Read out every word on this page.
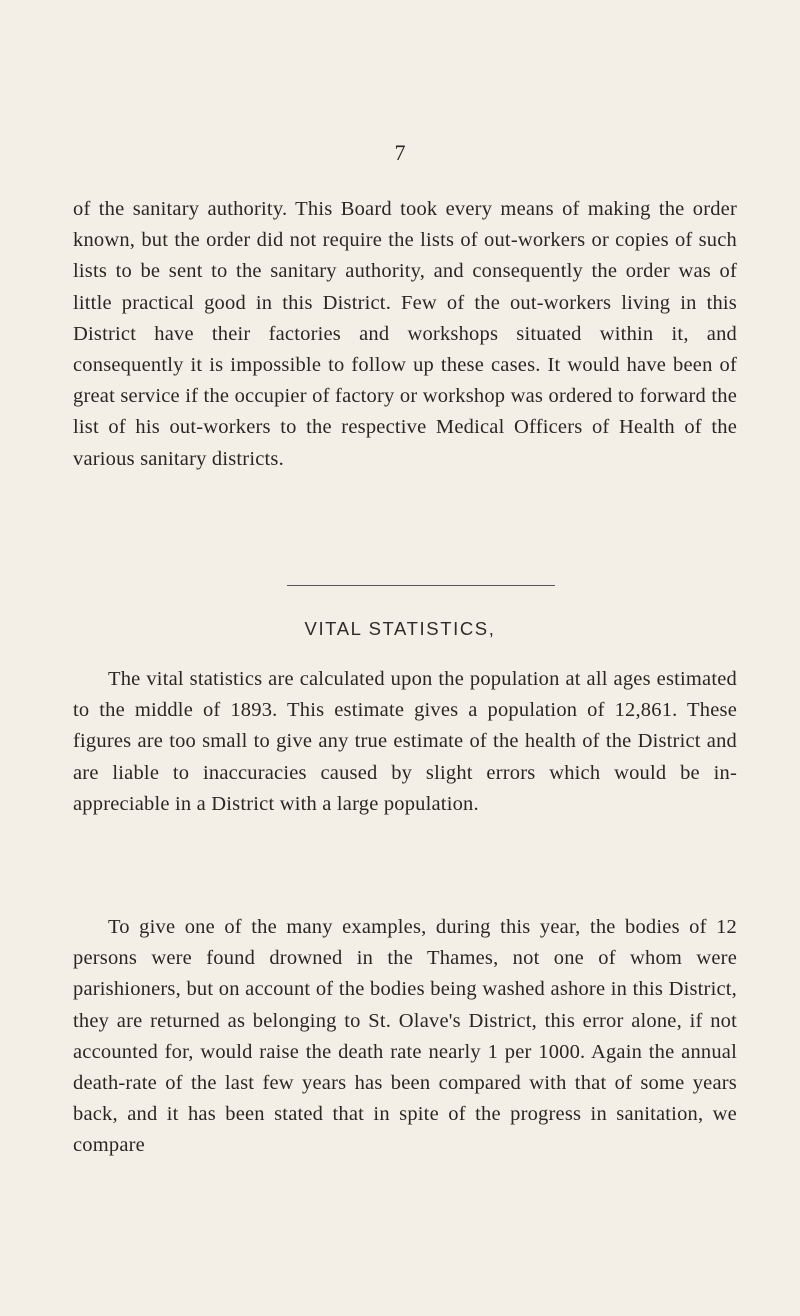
7

of the sanitary authority. This Board took every means of making the order known, but the order did not require the lists of out-workers or copies of such lists to be sent to the sanitary authority, and consequently the order was of little practical good in this District. Few of the out-workers living in this District have their factories and workshops situated within it, and consequently it is impossible to follow up these cases. It would have been of great service if the occupier of factory or workshop was ordered to forward the list of his out-workers to the respective Medical Officers of Health of the various sanitary districts.

VITAL STATISTICS,

The vital statistics are calculated upon the population at all ages estimated to the middle of 1893. This estimate gives a population of 12,861. These figures are too small to give any true estimate of the health of the District and are liable to inaccuracies caused by slight errors which would be in- appreciable in a District with a large population.

To give one of the many examples, during this year, the bodies of 12 persons were found drowned in the Thames, not one of whom were parishioners, but on account of the bodies being washed ashore in this District, they are returned as belonging to St. Olave's District, this error alone, if not accounted for, would raise the death rate nearly 1 per 1000. Again the annual death-rate of the last few years has been compared with that of some years back, and it has been stated that in spite of the progress in sanitation, we compare
